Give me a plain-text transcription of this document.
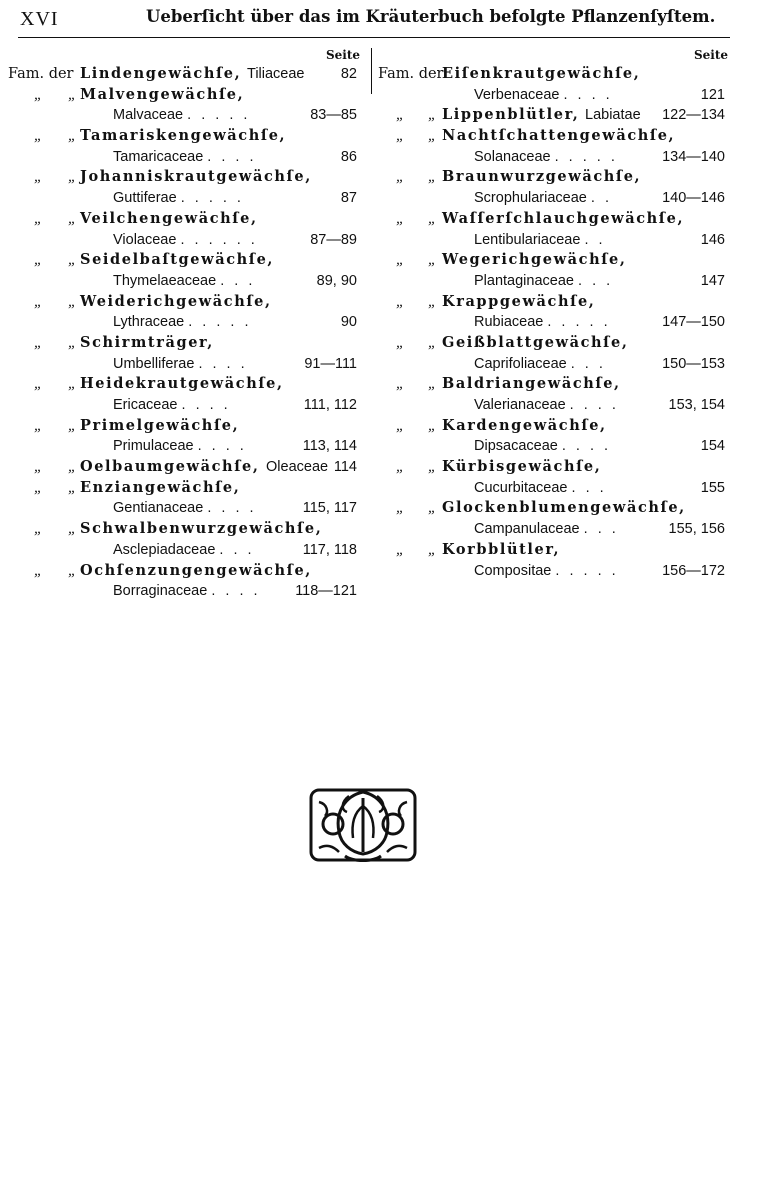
XVI	Ueberſicht über das im Kräuterbuch befolgte Pflanzenſyſtem.
Seite
Fam. der Lindengewächſe, Tiliaceae	82
„ „ Malvengewächſe,
Malvaceae . . . . .	83—85
„ „ Tamariskengewächſe,
Tamaricaceae . . . .	86
„ „ Johanniskrautgewächſe,
Guttiferae . . . . .	87
„ „ Veilchengewächſe,
Violaceae . . . . . .	87—89
„ „ Seidelbaſtgewächſe,
Thymelaeaceae . . .	89, 90
„ „ Weiderichgewächſe,
Lythraceae . . . . .	90
„ „ Schirmträger,
Umbelliferae . . . .	91—111
„ „ Heidekrautgewächſe,
Ericaceae . . . .	111, 112
„ „ Primelgewächſe,
Primulaceae . . . .	113, 114
„ „ Oelbaumgewächſe, Oleaceae 114
„ „ Enziangewächſe,
Gentianaceae . . . .	115, 117
„ „ Schwalbenwurzgewächſe,
Asclepiadaceae . . .	117, 118
„ „ Ochſenzungengewächſe,
Borraginaceae . . . . 118—121
Seite
Fam. der
Eiſenkrautgewächſe,
Verbenaceae . . . .	121
„ „ Lippenblütler, Labiatae 122—134
„ „ Nachtſchattengewächſe,
Solanaceae . . . . .	134—140
„ „ Braunwurzgewächſe,
Scrophulariaceae . .	140—146
„ „ Waſſerſchlauchgewächſe,
Lentibulariaceae . .	146
„ „ Wegerichgewächſe,
Plantaginaceae . . .	147
„ „ Krappgewächſe,
Rubiaceae . . . . .	147—150
„ „ Geißblattgewächſe,
Caprifoliaceae . . .	150—153
„ „ Baldriangewächſe,
Valerianaceae . . . .	153, 154
„ „ Kardengewächſe,
Dipsacaceae . . . .	154
„ „ Kürbisgewächſe,
Cucurbitaceae . . .	155
„ „ Glockenblumengewächſe,
Campanulaceae . . .	155, 156
„ „ Korbblütler,
Compositae . . . . .	156—172
